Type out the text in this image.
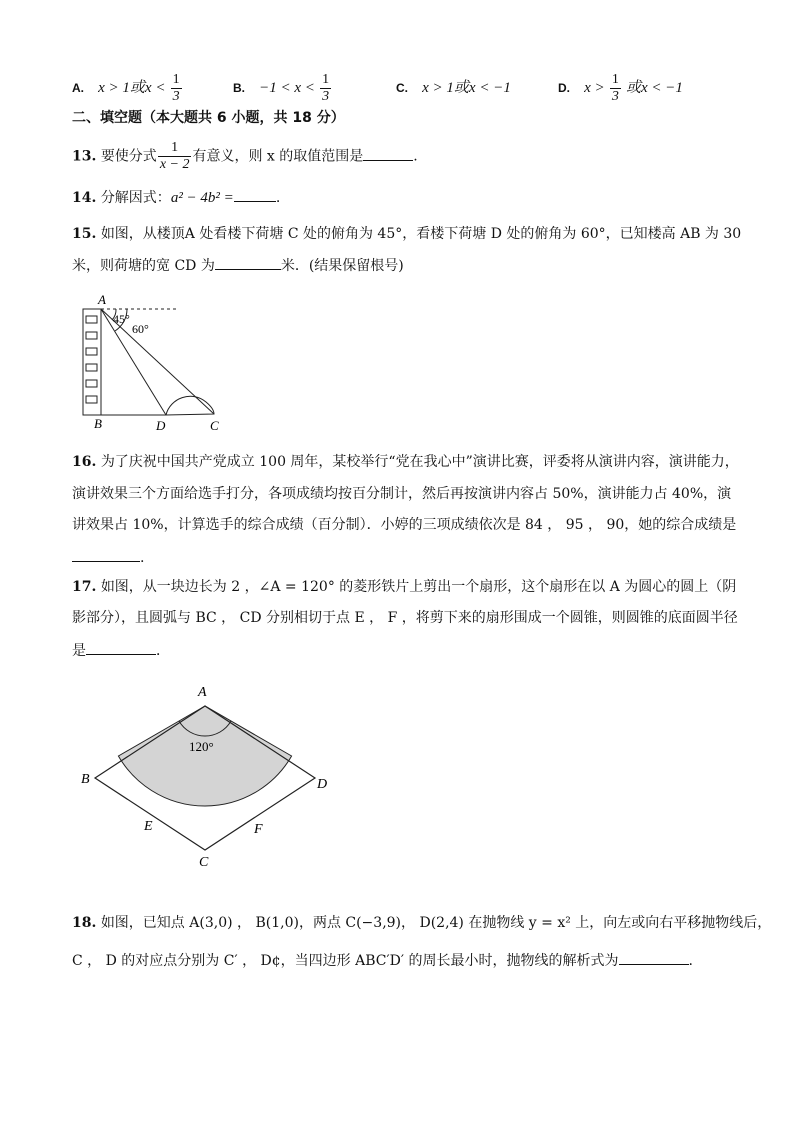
A. x > 1或$x < \frac{1}{3}$	B. $-1 < x < \frac{1}{3}$	C. x > 1或x < −1	D. $x > \frac{1}{3}$ 或x < −1
二、填空题（本大题共 6 小题，共 18 分）
13. 要使分式 $\frac{1}{x - 2}$ 有意义，则 x 的取值范围是	.
14. 分解因式：a² − 4b² =	.
15. 如图，从楼顶A 处看楼下荷塘 C 处的俯角为 45°，看楼下荷塘 D 处的俯角为 60°，已知楼高 AB 为 30
米，则荷塘的宽 CD 为	米．(结果保留根号)
A
45°
60°
B	D	C
16. 为了庆祝中国共产党成立 100 周年，某校举行“党在我心中”演讲比赛，评委将从演讲内容，演讲能力，
演讲效果三个方面给选手打分，各项成绩均按百分制计，然后再按演讲内容占 50%，演讲能力占 40%，演
讲效果占 10%，计算选手的综合成绩（百分制）．小婷的三项成绩依次是 84 ， 95 ， 90，她的综合成绩是
.
17. 如图，从一块边长为 2 ，∠A = 120° 的菱形铁片上剪出一个扇形，这个扇形在以 A 为圆心的圆上（阴
影部分），且圆弧与 BC ， CD 分别相切于点 E ， F ，将剪下来的扇形围成一个圆锥，则圆锥的底面圆半径
是	．
A
120°
B	D
E	F
C
18. 如图，已知点 A(3,0) ， B(1,0)，两点 C(−3,9)， D(2,4) 在抛物线 y = x² 上，向左或向右平移抛物线后，
C ， D 的对应点分别为 C′ ， D¢，当四边形 ABC′D′ 的周长最小时，抛物线的解析式为	.
